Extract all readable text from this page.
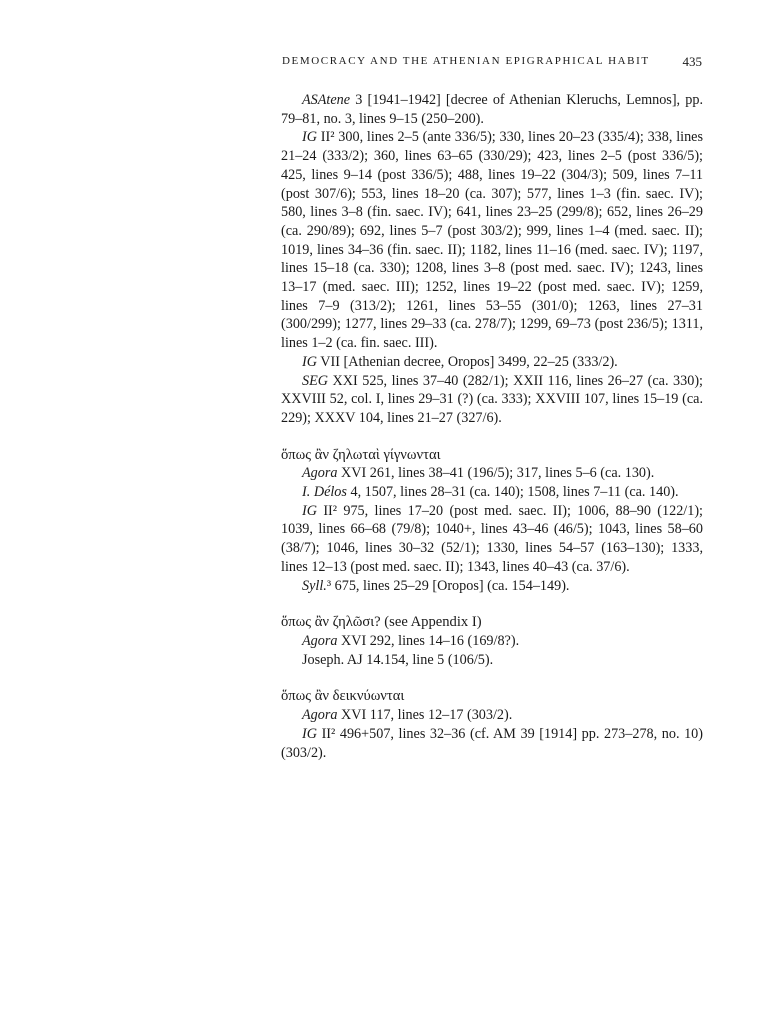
DEMOCRACY AND THE ATHENIAN EPIGRAPHICAL HABIT	435

ASAtene 3 [1941–1942] [decree of Athenian Kleruchs, Lemnos], pp. 79–81, no. 3, lines 9–15 (250–200).

IG II² 300, lines 2–5 (ante 336/5); 330, lines 20–23 (335/4); 338, lines 21–24 (333/2); 360, lines 63–65 (330/29); 423, lines 2–5 (post 336/5); 425, lines 9–14 (post 336/5); 488, lines 19–22 (304/3); 509, lines 7–11 (post 307/6); 553, lines 18–20 (ca. 307); 577, lines 1–3 (fin. saec. IV); 580, lines 3–8 (fin. saec. IV); 641, lines 23–25 (299/8); 652, lines 26–29 (ca. 290/89); 692, lines 5–7 (post 303/2); 999, lines 1–4 (med. saec. II); 1019, lines 34–36 (fin. saec. II); 1182, lines 11–16 (med. saec. IV); 1197, lines 15–18 (ca. 330); 1208, lines 3–8 (post med. saec. IV); 1243, lines 13–17 (med. saec. III); 1252, lines 19–22 (post med. saec. IV); 1259, lines 7–9 (313/2); 1261, lines 53–55 (301/0); 1263, lines 27–31 (300/299); 1277, lines 29–33 (ca. 278/7); 1299, 69–73 (post 236/5); 1311, lines 1–2 (ca. fin. saec. III).

IG VII [Athenian decree, Oropos] 3499, 22–25 (333/2).

SEG XXI 525, lines 37–40 (282/1); XXII 116, lines 26–27 (ca. 330); XXVIII 52, col. I, lines 29–31 (?) (ca. 333); XXVIII 107, lines 15–19 (ca. 229); XXXV 104, lines 21–27 (327/6).

ὅπως ἂν ζηλωταὶ γίγνωνται

Agora XVI 261, lines 38–41 (196/5); 317, lines 5–6 (ca. 130).

I. Délos 4, 1507, lines 28–31 (ca. 140); 1508, lines 7–11 (ca. 140).

IG II² 975, lines 17–20 (post med. saec. II); 1006, 88–90 (122/1); 1039, lines 66–68 (79/8); 1040+, lines 43–46 (46/5); 1043, lines 58–60 (38/7); 1046, lines 30–32 (52/1); 1330, lines 54–57 (163–130); 1333, lines 12–13 (post med. saec. II); 1343, lines 40–43 (ca. 37/6).

Syll.³ 675, lines 25–29 [Oropos] (ca. 154–149).

ὅπως ἂν ζηλῶσι? (see Appendix I)

Agora XVI 292, lines 14–16 (169/8?).

Joseph. AJ 14.154, line 5 (106/5).

ὅπως ἂν δεικνύωνται

Agora XVI 117, lines 12–17 (303/2).

IG II² 496+507, lines 32–36 (cf. AM 39 [1914] pp. 273–278, no. 10) (303/2).
